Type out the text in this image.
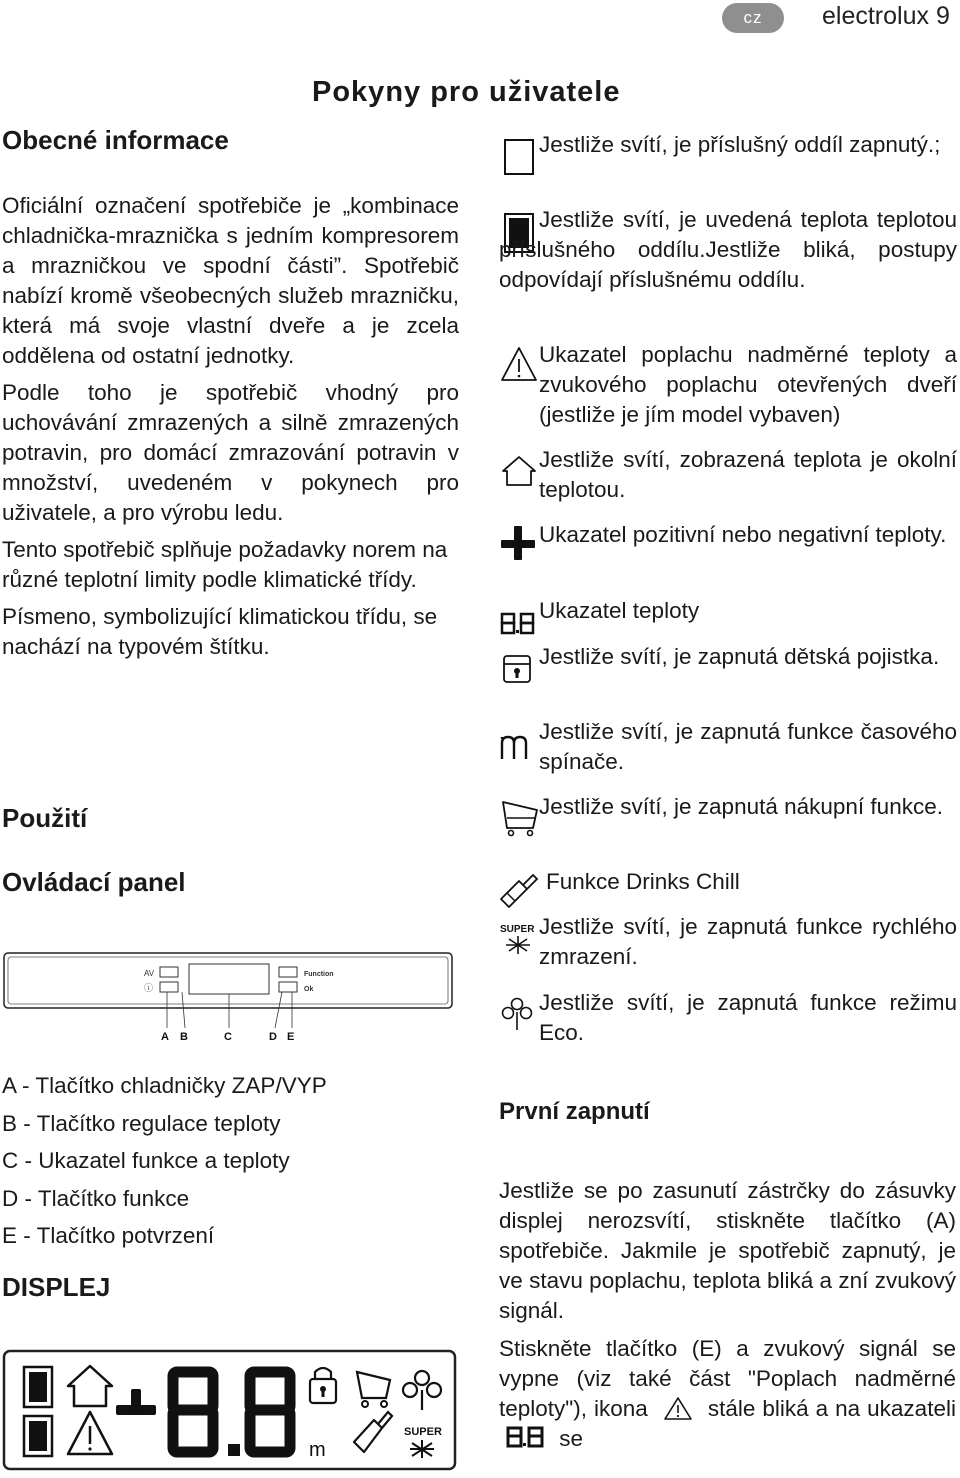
cz	electrolux 9
Pokyny pro uživatele
Obecné informace

Oficiální označení spotřebiče je „kombinace chladnička-mraznička s jedním kompresorem a mrazničkou ve spodní části”. Spotřebič nabízí kromě všeobecných služeb mrazničku, která má svoje vlastní dveře a je zcela oddělena od ostatní jednotky.

Podle toho je spotřebič vhodný pro uchovávání zmrazených a silně zmrazených potravin, pro domácí zmrazování potravin v množství, uvedeném v pokynech pro uživatele, a pro výrobu ledu.

Tento spotřebič splňuje požadavky norem na různé teplotní limity podle klimatické třídy.

Písmeno, symbolizující klimatickou třídu, se nachází na typovém štítku.

Použití
Ovládací panel
AV
ⓘ
Function
Ok
A B	C	D E
A - Tlačítko chladničky ZAP/VYP
B - Tlačítko regulace teploty
C - Ukazatel funkce a teploty
D - Tlačítko funkce
E - Tlačítko potvrzení
DISPLEJ
m
SUPER
Jestliže svítí, je příslušný oddíl zapnutý.;
Jestliže svítí, je uvedená teplota teplotou příslušného oddílu.Jestliže bliká, postupy odpovídají příslušnému oddílu.
Ukazatel poplachu nadměrné teploty a zvukového poplachu otevřených dveří (jestliže je jím model vybaven)
Jestliže svítí, zobrazená teplota je okolní teplotou.
Ukazatel pozitivní nebo negativní teploty.
Ukazatel teploty
Jestliže svítí, je zapnutá dětská pojistka.
Jestliže svítí, je zapnutá funkce časového spínače.
Jestliže svítí, je zapnutá nákupní funkce.
Funkce Drinks Chill
SUPER Jestliže svítí, je zapnutá funkce rychlého zmrazení.
Jestliže svítí, je zapnutá funkce režimu Eco.
První zapnutí

Jestliže se po zasunutí zástrčky do zásuvky displej nerozsvítí, stiskněte tlačítko (A) spotřebiče. Jakmile je spotřebič zapnutý, je ve stavu poplachu, teplota bliká a zní zvukový signál.

Stiskněte tlačítko (E) a zvukový signál se vypne (viz také část "Poplach nadměrné teploty"), ikona	stále bliká a na ukazateli  se
